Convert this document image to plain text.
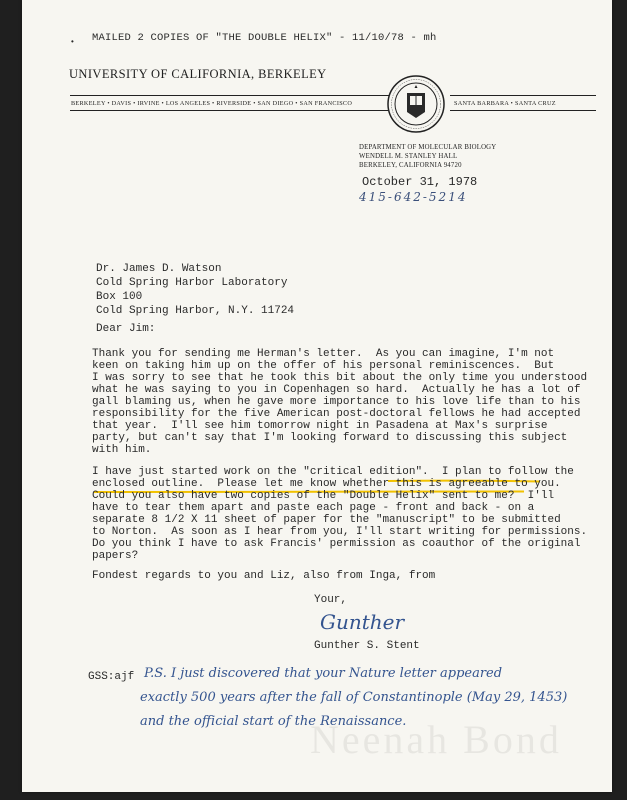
• MAILED 2 COPIES OF "THE DOUBLE HELIX" - 11/10/78 - mh
UNIVERSITY OF CALIFORNIA, BERKELEY
BERKELEY • DAVIS • IRVINE • LOS ANGELES • RIVERSIDE • SAN DIEGO • SAN FRANCISCO	SANTA BARBARA • SANTA CRUZ
DEPARTMENT OF MOLECULAR BIOLOGY
WENDELL M. STANLEY HALL
BERKELEY, CALIFORNIA 94720
October 31, 1978
415-642-5214
Dr. James D. Watson
Cold Spring Harbor Laboratory
Box 100
Cold Spring Harbor, N.Y. 11724
Dear Jim:
Thank you for sending me Herman's letter.  As you can imagine, I'm not
keen on taking him up on the offer of his personal reminiscences.  But
I was sorry to see that he took this bit about the only time you understood
what he was saying to you in Copenhagen so hard.  Actually he has a lot of
gall blaming us, when he gave more importance to his love life than to his
responsibility for the five American post-doctoral fellows he had accepted
that year.  I'll see him tomorrow night in Pasadena at Max's surprise
party, but can't say that I'm looking forward to discussing this subject
with him.
I have just started work on the "critical edition".  I plan to follow the
enclosed outline.  Please let me know whether this is agreeable to you.
Could you also have two copies of the "Double Helix" sent to me?  I'll
have to tear them apart and paste each page - front and back - on a
separate 8 1/2 X 11 sheet of paper for the "manuscript" to be submitted
to Norton.  As soon as I hear from you, I'll start writing for permissions.
Do you think I have to ask Francis' permission as coauthor of the original
papers?
Fondest regards to you and Liz, also from Inga, from
Your,
Gunther
Gunther S. Stent
GSS:ajf
Neenah Bond
P.S. I just discovered that your Nature letter appeared
exactly 500 years after the fall of Constantinople (May 29, 1453)
and the official start of the Renaissance.
